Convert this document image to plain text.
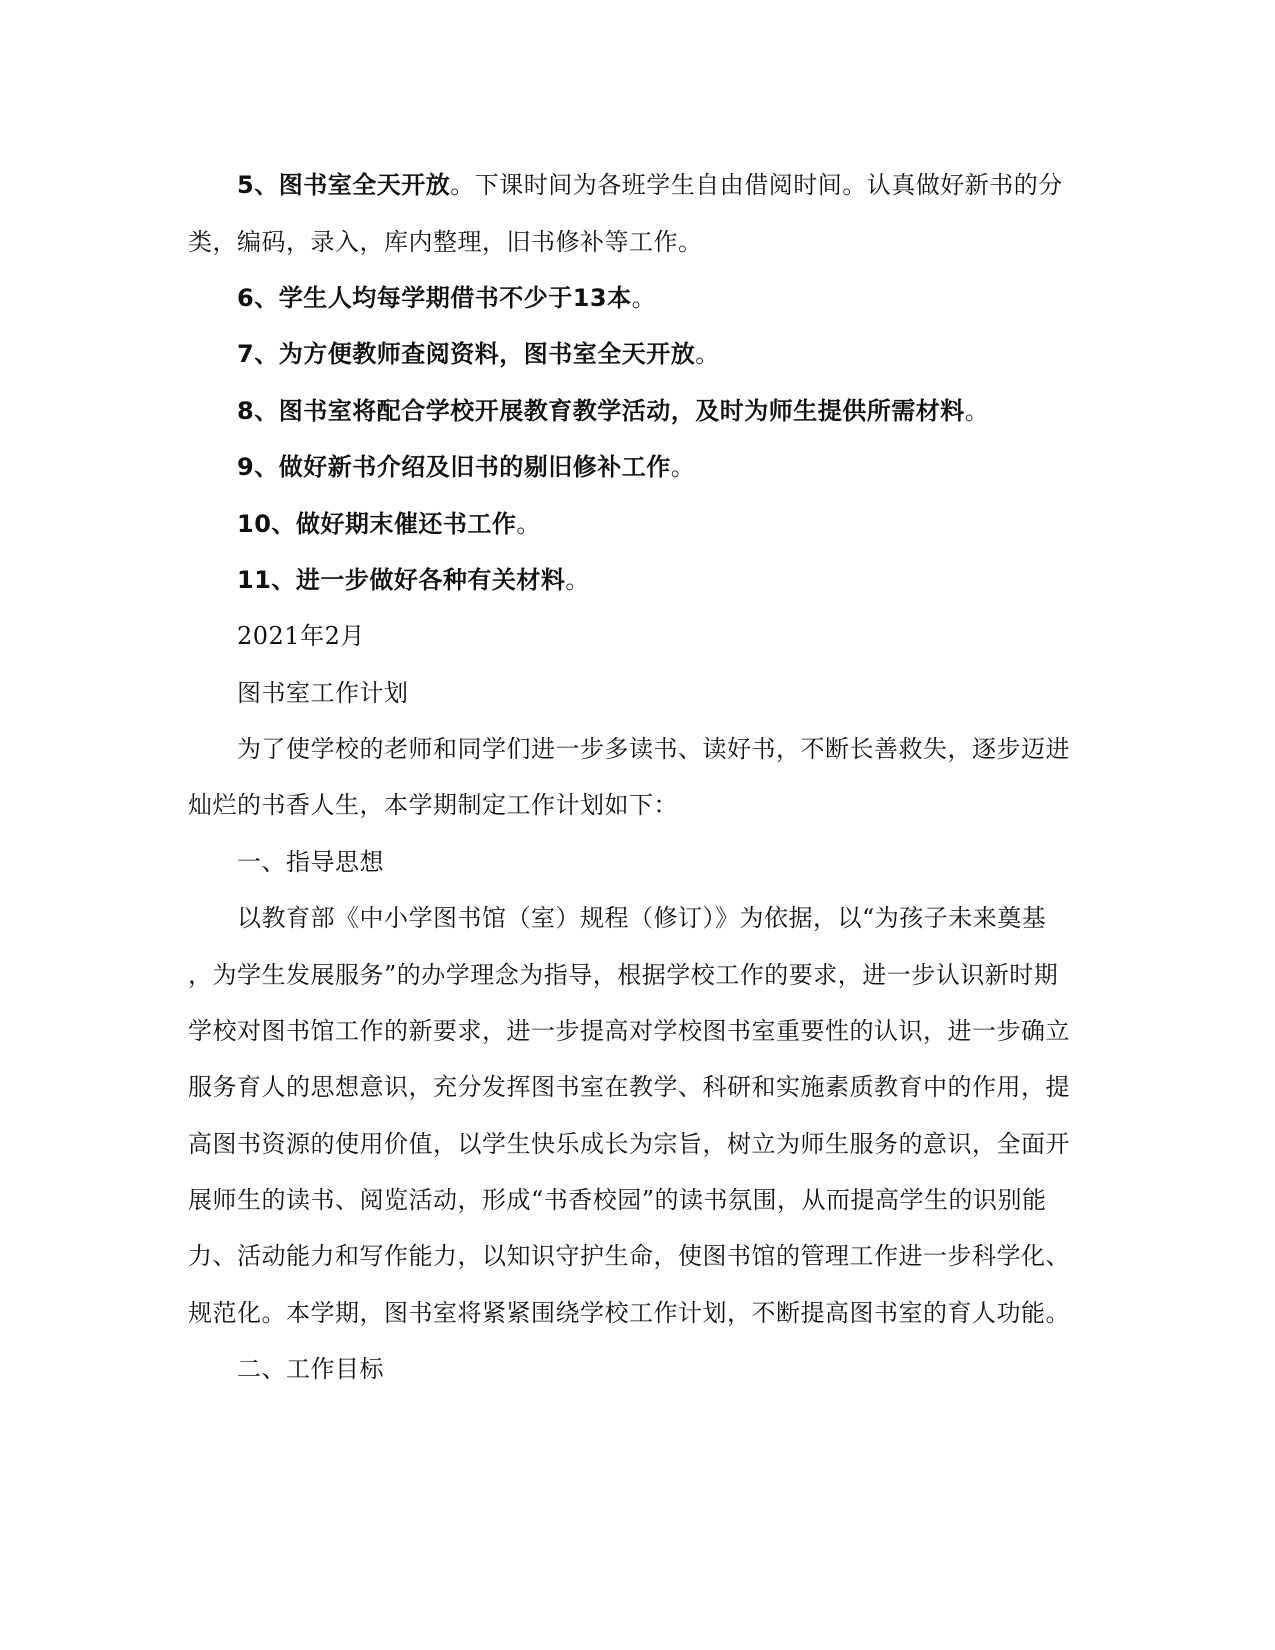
5、图书室全天开放。下课时间为各班学生自由借阅时间。认真做好新书的分
类，编码，录入，库内整理，旧书修补等工作。
6、学生人均每学期借书不少于13本。
7、为方便教师查阅资料，图书室全天开放。
8、图书室将配合学校开展教育教学活动，及时为师生提供所需材料。
9、做好新书介绍及旧书的剔旧修补工作。
10、做好期末催还书工作。
11、进一步做好各种有关材料。
2021年2月
图书室工作计划
为了使学校的老师和同学们进一步多读书、读好书，不断长善救失，逐步迈进
灿烂的书香人生，本学期制定工作计划如下：
一、指导思想
以教育部《中小学图书馆（室）规程（修订）》为依据，以“为孩子未来奠基
，为学生发展服务”的办学理念为指导，根据学校工作的要求，进一步认识新时期
学校对图书馆工作的新要求，进一步提高对学校图书室重要性的认识，进一步确立
服务育人的思想意识，充分发挥图书室在教学、科研和实施素质教育中的作用，提
高图书资源的使用价值，以学生快乐成长为宗旨，树立为师生服务的意识，全面开
展师生的读书、阅览活动，形成“书香校园”的读书氛围，从而提高学生的识别能
力、活动能力和写作能力，以知识守护生命，使图书馆的管理工作进一步科学化、
规范化。本学期，图书室将紧紧围绕学校工作计划，不断提高图书室的育人功能。
二、工作目标
